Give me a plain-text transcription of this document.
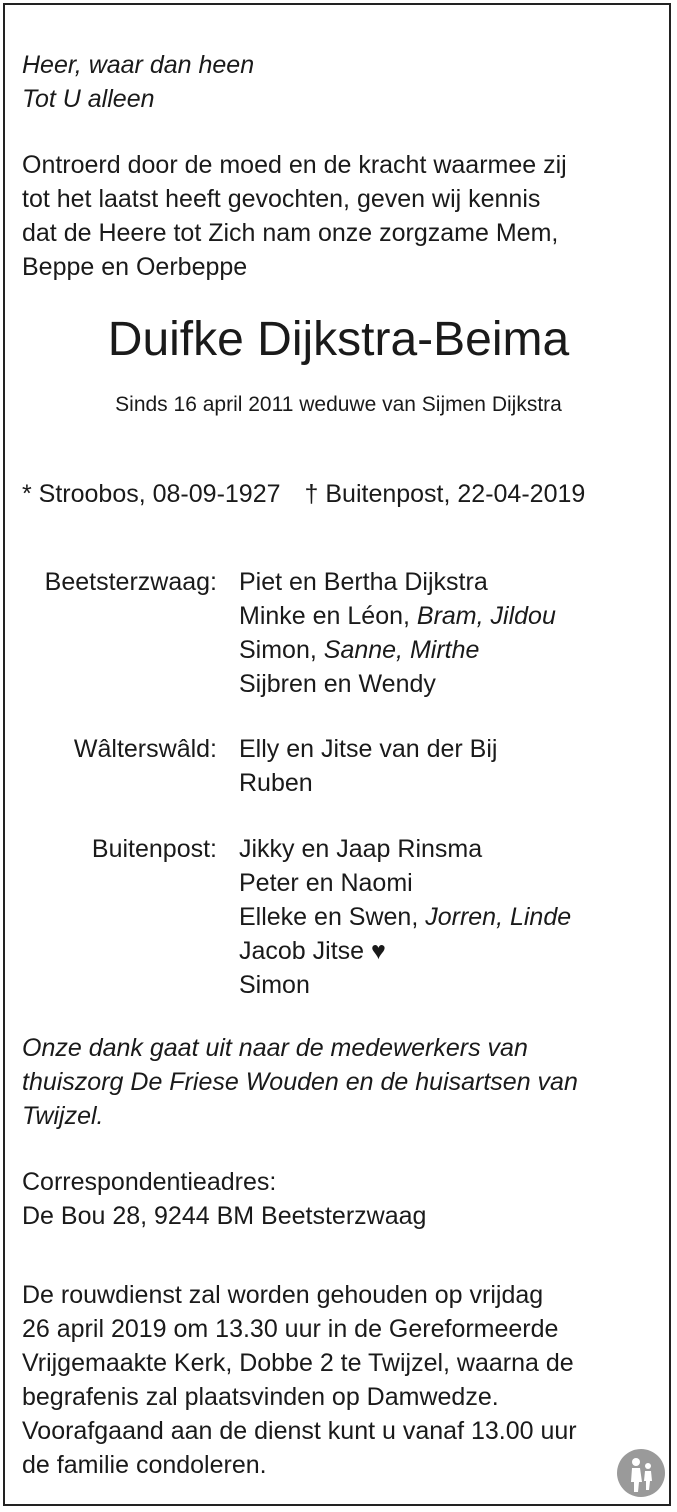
Heer, waar dan heen

Tot U alleen

Ontroerd door de moed en de kracht waarmee zij

tot het laatst heeft gevochten, geven wij kennis

dat de Heere tot Zich nam onze zorgzame Mem,

Beppe en Oerbeppe

Duifke Dijkstra-Beima
Sinds 16 april 2011 weduwe van Sijmen Dijkstra
* Stroobos, 08-09-1927 † Buitenpost, 22-04-2019
Beetsterzwaag: Piet en Bertha Dijkstra
Minke en Léon, Bram, Jildou
Simon, Sanne, Mirthe
Sijbren en Wendy
Wâlterswâld: Elly en Jitse van der Bij
Ruben
Buitenpost: Jikky en Jaap Rinsma
Peter en Naomi
Elleke en Swen, Jorren, Linde
Jacob Jitse ♥
Simon

Onze dank gaat uit naar de medewerkers van

thuiszorg De Friese Wouden en de huisartsen van

Twijzel.

Correspondentieadres:

De Bou 28, 9244 BM Beetsterzwaag

De rouwdienst zal worden gehouden op vrijdag

26 april 2019 om 13.30 uur in de Gereformeerde

Vrijgemaakte Kerk, Dobbe 2 te Twijzel, waarna de

begrafenis zal plaatsvinden op Damwedze.

Voorafgaand aan de dienst kunt u vanaf 13.00 uur

de familie condoleren.
